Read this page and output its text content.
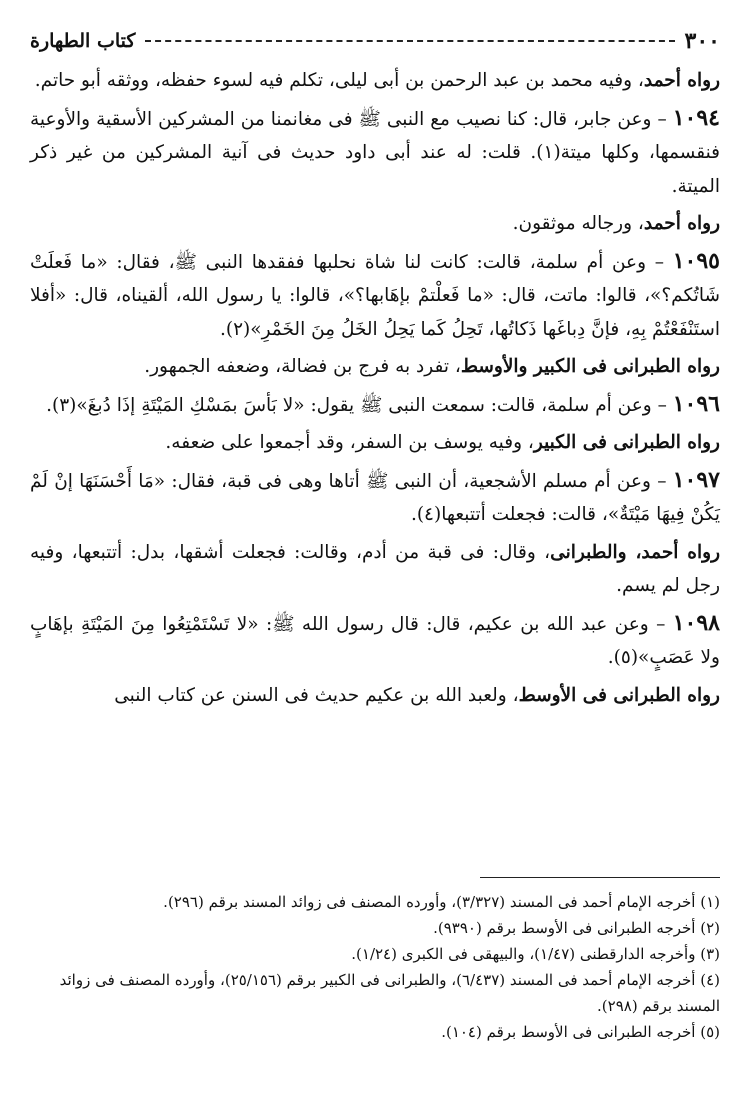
٣٠٠
كتاب الطهارة

رواه أحمد، وفيه محمد بن عبد الرحمن بن أبى ليلى، تكلم فيه لسوء حفظه، ووثقه أبو حاتم.

١٠٩٤ – وعن جابر، قال: كنا نصيب مع النبى ﷺ فى مغانمنا من المشركين الأسقية والأوعية فنقسمها، وكلها ميتة(١). قلت: له عند أبى داود حديث فى آنية المشركين من غير ذكر الميتة.

رواه أحمد، ورجاله موثقون.

١٠٩٥ – وعن أم سلمة، قالت: كانت لنا شاة نحلبها ففقدها النبى ﷺ، فقال: «ما فَعلَتْ شَاتُكم؟»، قالوا: ماتت، قال: «ما فَعلْتمْ بإهَابها؟»، قالوا: يا رسول الله، ألقيناه، قال: «أفلا استَنْفَعْتُمْ بِهِ، فإنَّ دِباغَها ذَكاتُها، تَحِلُ كَما يَحِلُ الخَلُ مِنَ الخَمْرِ»(٢).

رواه الطبرانى فى الكبير والأوسط، تفرد به فرج بن فضالة، وضعفه الجمهور.

١٠٩٦ – وعن أم سلمة، قالت: سمعت النبى ﷺ يقول: «لا بَأسَ بمَسْكِ المَيْتَةِ إذَا دُبغَ»(٣).

رواه الطبرانى فى الكبير، وفيه يوسف بن السفر، وقد أجمعوا على ضعفه.

١٠٩٧ – وعن أم مسلم الأشجعية، أن النبى ﷺ أتاها وهى فى قبة، فقال: «مَا أَحْسَنَهَا إنْ لَمْ يَكُنْ فِيهَا مَيْتَةٌ»، قالت: فجعلت أتتبعها(٤).

رواه أحمد، والطبرانى، وقال: فى قبة من أدم، وقالت: فجعلت أشقها، بدل: أتتبعها، وفيه رجل لم يسم.

١٠٩٨ – وعن عبد الله بن عكيم، قال: قال رسول الله ﷺ: «لا تَسْتَمْتِعُوا مِنَ المَيْتَةِ بإهَابٍ ولا عَصَبٍ»(٥).

رواه الطبرانى فى الأوسط، ولعبد الله بن عكيم حديث فى السنن عن كتاب النبى

(١) أخرجه الإمام أحمد فى المسند (٣/٣٢٧)، وأورده المصنف فى زوائد المسند برقم (٢٩٦).

(٢) أخرجه الطبرانى فى الأوسط برقم (٩٣٩٠).

(٣) وأخرجه الدارقطنى (١/٤٧)، والبيهقى فى الكبرى (١/٢٤).

(٤) أخرجه الإمام أحمد فى المسند (٦/٤٣٧)، والطبرانى فى الكبير برقم (٢٥/١٥٦)، وأورده المصنف فى زوائد المسند برقم (٢٩٨).

(٥) أخرجه الطبرانى فى الأوسط برقم (١٠٤).
